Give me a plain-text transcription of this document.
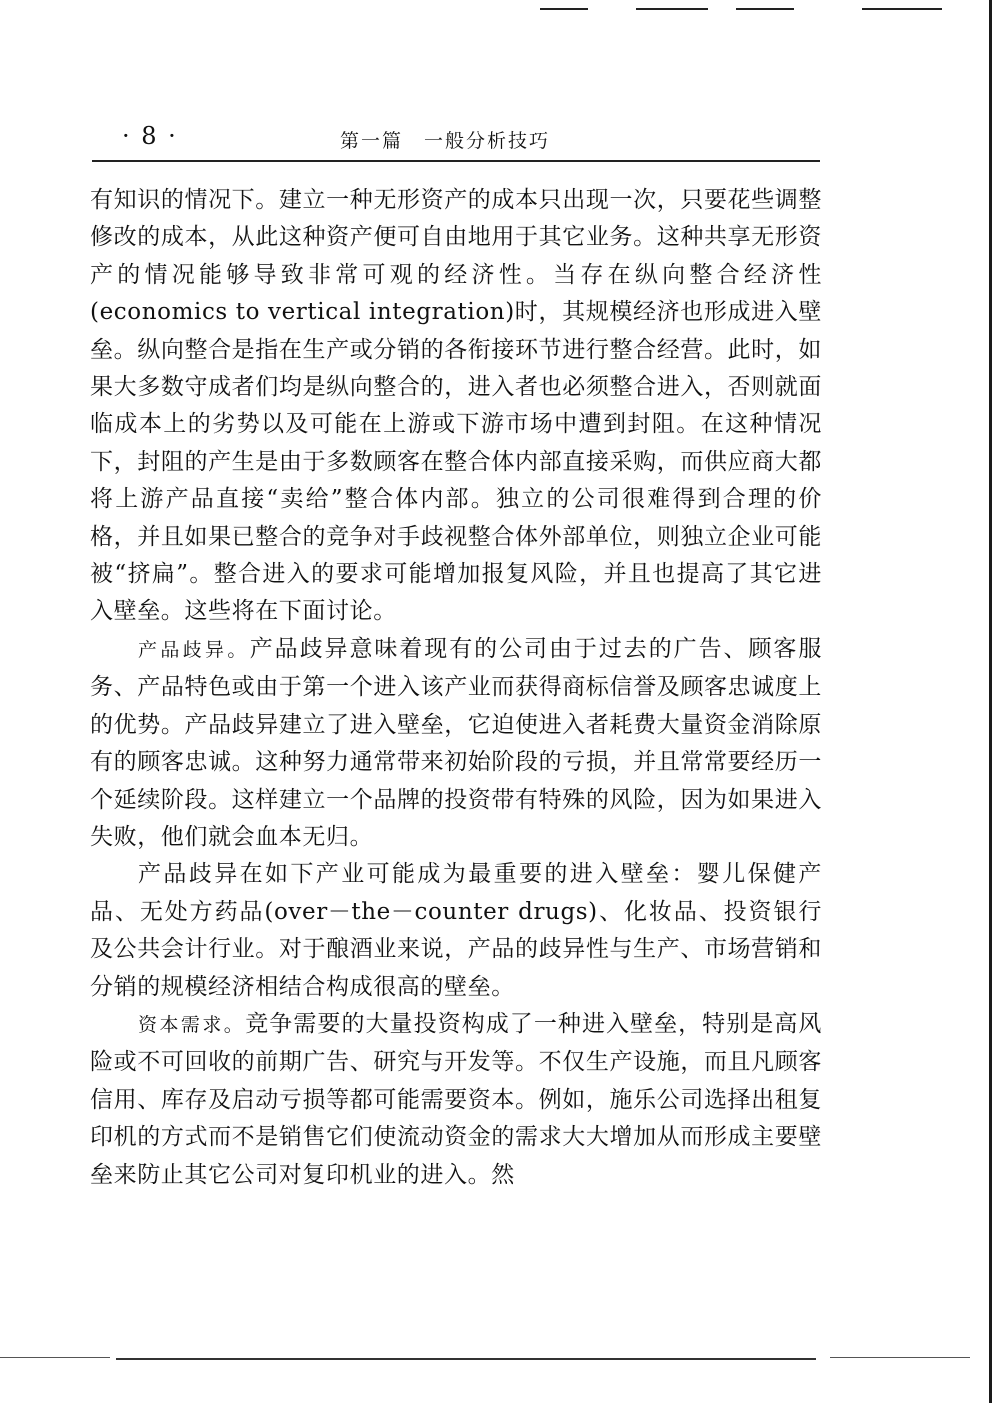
· 8 ·	第一篇　一般分析技巧

有知识的情况下。建立一种无形资产的成本只出现一次，只要花些调整修改的成本，从此这种资产便可自由地用于其它业务。这种共享无形资产的情况能够导致非常可观的经济性。当存在纵向整合经济性(economics to vertical integration)时，其规模经济也形成进入壁垒。纵向整合是指在生产或分销的各衔接环节进行整合经营。此时，如果大多数守成者们均是纵向整合的，进入者也必须整合进入，否则就面临成本上的劣势以及可能在上游或下游市场中遭到封阻。在这种情况下，封阻的产生是由于多数顾客在整合体内部直接采购，而供应商大都将上游产品直接“卖给”整合体内部。独立的公司很难得到合理的价格，并且如果已整合的竞争对手歧视整合体外部单位，则独立企业可能被“挤扁”。整合进入的要求可能增加报复风险，并且也提高了其它进入壁垒。这些将在下面讨论。

产品歧异。产品歧异意味着现有的公司由于过去的广告、顾客服务、产品特色或由于第一个进入该产业而获得商标信誉及顾客忠诚度上的优势。产品歧异建立了进入壁垒，它迫使进入者耗费大量资金消除原有的顾客忠诚。这种努力通常带来初始阶段的亏损，并且常常要经历一个延续阶段。这样建立一个品牌的投资带有特殊的风险，因为如果进入失败，他们就会血本无归。

产品歧异在如下产业可能成为最重要的进入壁垒：婴儿保健产品、无处方药品(over－the－counter drugs)、化妆品、投资银行及公共会计行业。对于酿酒业来说，产品的歧异性与生产、市场营销和分销的规模经济相结合构成很高的壁垒。

资本需求。竞争需要的大量投资构成了一种进入壁垒，特别是高风险或不可回收的前期广告、研究与开发等。不仅生产设施，而且凡顾客信用、库存及启动亏损等都可能需要资本。例如，施乐公司选择出租复印机的方式而不是销售它们使流动资金的需求大大增加从而形成主要壁垒来防止其它公司对复印机业的进入。然
